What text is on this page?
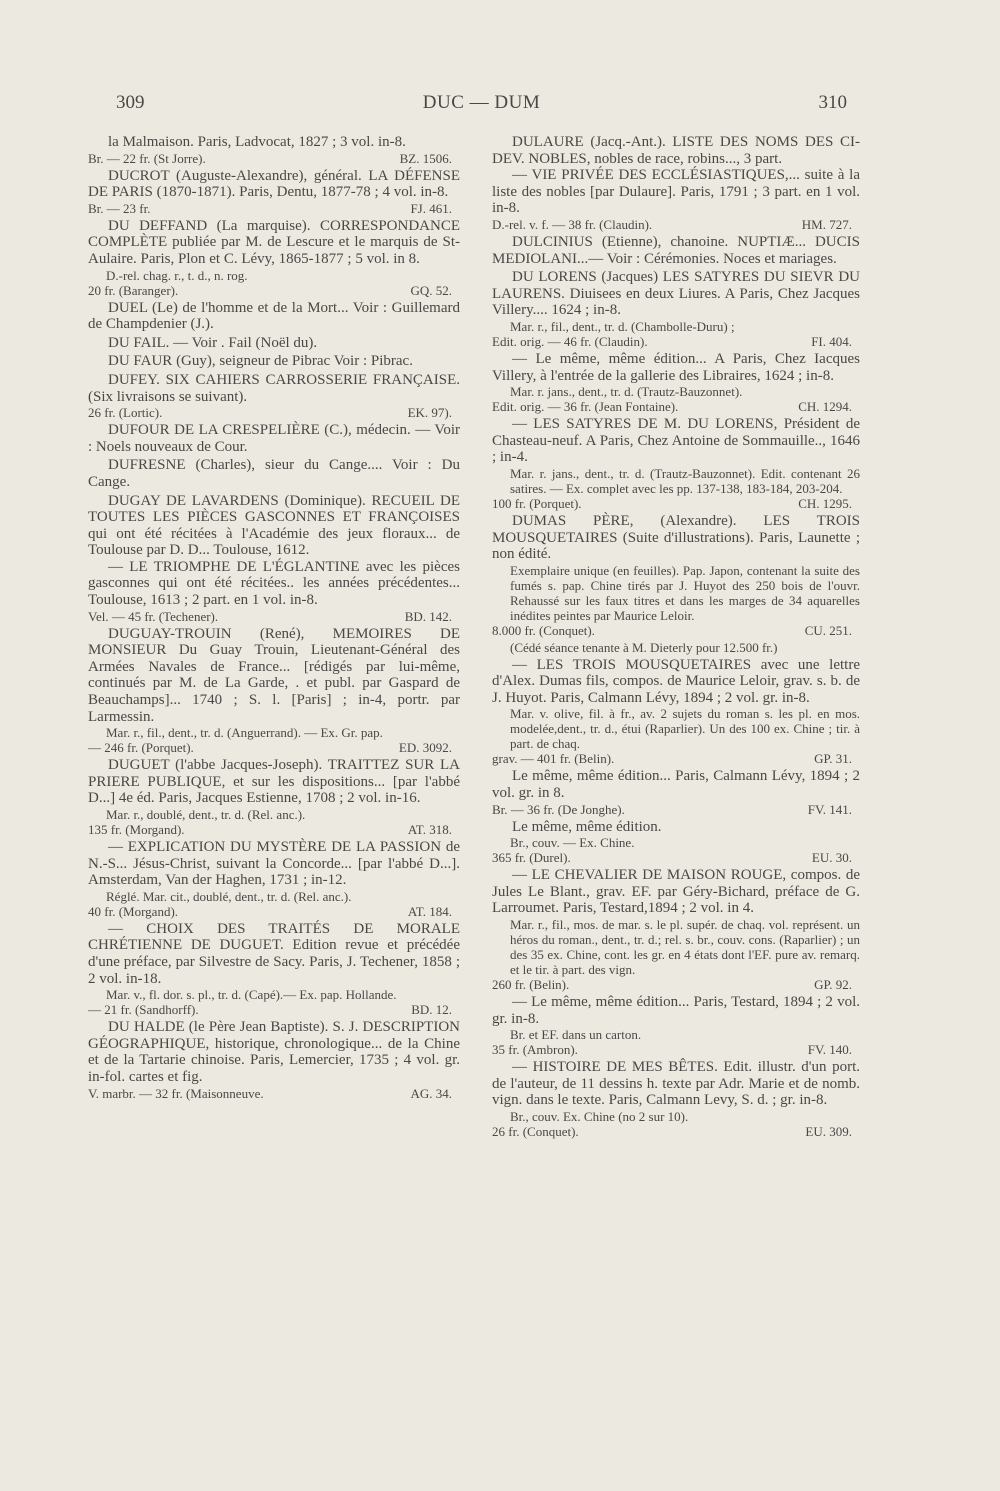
309	DUC — DUM	310

la Malmaison. Paris, Ladvocat, 1827 ; 3 vol. in-8.

Br. — 22 fr. (St Jorre).	BZ. 1506.

DUCROT (Auguste-Alexandre), général. LA DÉFENSE DE PARIS (1870-1871). Paris, Dentu, 1877-78 ; 4 vol. in-8.

Br. — 23 fr.	FJ. 461.

DU DEFFAND (La marquise). CORRESPONDANCE COMPLÈTE publiée par M. de Lescure et le marquis de St-Aulaire. Paris, Plon et C. Lévy, 1865-1877 ; 5 vol. in 8.

D.-rel. chag. r., t. d., n. rog.

20 fr. (Baranger).	GQ. 52.

DUEL (Le) de l'homme et de la Mort... Voir : Guillemard de Champdenier (J.).

DU FAIL. — Voir . Fail (Noël du).

DU FAUR (Guy), seigneur de Pibrac Voir : Pibrac.

DUFEY. SIX CAHIERS CARROSSERIE FRANÇAISE. (Six livraisons se suivant).

26 fr. (Lortic).	EK. 97).

DUFOUR DE LA CRESPELIÈRE (C.), médecin. — Voir : Noels nouveaux de Cour.

DUFRESNE (Charles), sieur du Cange.... Voir : Du Cange.

DUGAY DE LAVARDENS (Dominique). RECUEIL DE TOUTES LES PIÈCES GASCONNES ET FRANÇOISES qui ont été récitées à l'Académie des jeux floraux... de Toulouse par D. D... Toulouse, 1612.

— LE TRIOMPHE DE L'ÉGLANTINE avec les pièces gasconnes qui ont été récitées.. les années précédentes... Toulouse, 1613 ; 2 part. en 1 vol. in-8.

Vel. — 45 fr. (Techener).	BD. 142.

DUGUAY-TROUIN (René), MEMOIRES DE MONSIEUR Du Guay Trouin, Lieutenant-Général des Armées Navales de France... [rédigés par lui-même, continués par M. de La Garde, . et publ. par Gaspard de Beauchamps]... 1740 ; S. l. [Paris] ; in-4, portr. par Larmessin.

Mar. r., fil., dent., tr. d. (Anguerrand). — Ex. Gr. pap.

— 246 fr. (Porquet).	ED. 3092.

DUGUET (l'abbe Jacques-Joseph). TRAITTEZ SUR LA PRIERE PUBLIQUE, et sur les dispositions... [par l'abbé D...] 4e éd. Paris, Jacques Estienne, 1708 ; 2 vol. in-16.

Mar. r., doublé, dent., tr. d. (Rel. anc.).

135 fr. (Morgand).	AT. 318.

— EXPLICATION DU MYSTÈRE DE LA PASSION de N.-S... Jésus-Christ, suivant la Concorde... [par l'abbé D...]. Amsterdam, Van der Haghen, 1731 ; in-12.

Réglé. Mar. cit., doublé, dent., tr. d. (Rel. anc.).

40 fr. (Morgand).	AT. 184.

— CHOIX DES TRAITÉS DE MORALE CHRÉTIENNE DE DUGUET. Edition revue et précédée d'une préface, par Silvestre de Sacy. Paris, J. Techener, 1858 ; 2 vol. in-18.

Mar. v., fl. dor. s. pl., tr. d. (Capé).— Ex. pap. Hollande.

— 21 fr. (Sandhorff).	BD. 12.

DU HALDE (le Père Jean Baptiste). S. J. DESCRIPTION GÉOGRAPHIQUE, historique, chronologique... de la Chine et de la Tartarie chinoise. Paris, Lemercier, 1735 ; 4 vol. gr. in-fol. cartes et fig.

V. marbr. — 32 fr. (Maisonneuve.	AG. 34.

DULAURE (Jacq.-Ant.). LISTE DES NOMS DES CI-DEV. NOBLES, nobles de race, robins..., 3 part.

— VIE PRIVÉE DES ECCLÉSIASTIQUES,... suite à la liste des nobles [par Dulaure]. Paris, 1791 ; 3 part. en 1 vol. in-8.

D.-rel. v. f. — 38 fr. (Claudin).	HM. 727.

DULCINIUS (Etienne), chanoine. NUPTIÆ... DUCIS MEDIOLANI...— Voir : Cérémonies. Noces et mariages.

DU LORENS (Jacques) LES SATYRES DU SIEVR DU LAURENS. Diuisees en deux Liures. A Paris, Chez Jacques Villery.... 1624 ; in-8.

Mar. r., fil., dent., tr. d. (Chambolle-Duru) ;

Edit. orig. — 46 fr. (Claudin).	FI. 404.

— Le même, même édition... A Paris, Chez Iacques Villery, à l'entrée de la gallerie des Libraires, 1624 ; in-8.

Mar. r. jans., dent., tr. d. (Trautz-Bauzonnet).

Edit. orig. — 36 fr. (Jean Fontaine).	CH. 1294.

— LES SATYRES DE M. DU LORENS, Président de Chasteau-neuf. A Paris, Chez Antoine de Sommauille.., 1646 ; in-4.

Mar. r. jans., dent., tr. d. (Trautz-Bauzonnet). Edit. contenant 26 satires. — Ex. complet avec les pp. 137-138, 183-184, 203-204.

100 fr. (Porquet).	CH. 1295.

DUMAS PÈRE, (Alexandre). LES TROIS MOUSQUETAIRES (Suite d'illustrations). Paris, Launette ; non édité.

Exemplaire unique (en feuilles). Pap. Japon, contenant la suite des fumés s. pap. Chine tirés par J. Huyot des 250 bois de l'ouvr. Rehaussé sur les faux titres et dans les marges de 34 aquarelles inédites peintes par Maurice Leloir.

8.000 fr. (Conquet).	CU. 251.

(Cédé séance tenante à M. Dieterly pour 12.500 fr.)

— LES TROIS MOUSQUETAIRES avec une lettre d'Alex. Dumas fils, compos. de Maurice Leloir, grav. s. b. de J. Huyot. Paris, Calmann Lévy, 1894 ; 2 vol. gr. in-8.

Mar. v. olive, fil. à fr., av. 2 sujets du roman s. les pl. en mos. modelée,dent., tr. d., étui (Raparlier). Un des 100 ex. Chine ; tir. à part. de chaq.

grav. — 401 fr. (Belin).	GP. 31.

Le même, même édition... Paris, Calmann Lévy, 1894 ; 2 vol. gr. in 8.

Br. — 36 fr. (De Jonghe).	FV. 141.

Le même, même édition.

Br., couv. — Ex. Chine.

365 fr. (Durel).	EU. 30.

— LE CHEVALIER DE MAISON ROUGE, compos. de Jules Le Blant., grav. EF. par Géry-Bichard, préface de G. Larroumet. Paris, Testard,1894 ; 2 vol. in 4.

Mar. r., fil., mos. de mar. s. le pl. supér. de chaq. vol. représent. un héros du roman., dent., tr. d.; rel. s. br., couv. cons. (Raparlier) ; un des 35 ex. Chine, cont. les gr. en 4 états dont l'EF. pure av. remarq. et le tir. à part. des vign.

260 fr. (Belin).	GP. 92.

— Le même, même édition... Paris, Testard, 1894 ; 2 vol. gr. in-8.

Br. et EF. dans un carton.

35 fr. (Ambron).	FV. 140.

— HISTOIRE DE MES BÊTES. Edit. illustr. d'un port. de l'auteur, de 11 dessins h. texte par Adr. Marie et de nomb. vign. dans le texte. Paris, Calmann Levy, S. d. ; gr. in-8.

Br., couv. Ex. Chine (no 2 sur 10).

26 fr. (Conquet).	EU. 309.
